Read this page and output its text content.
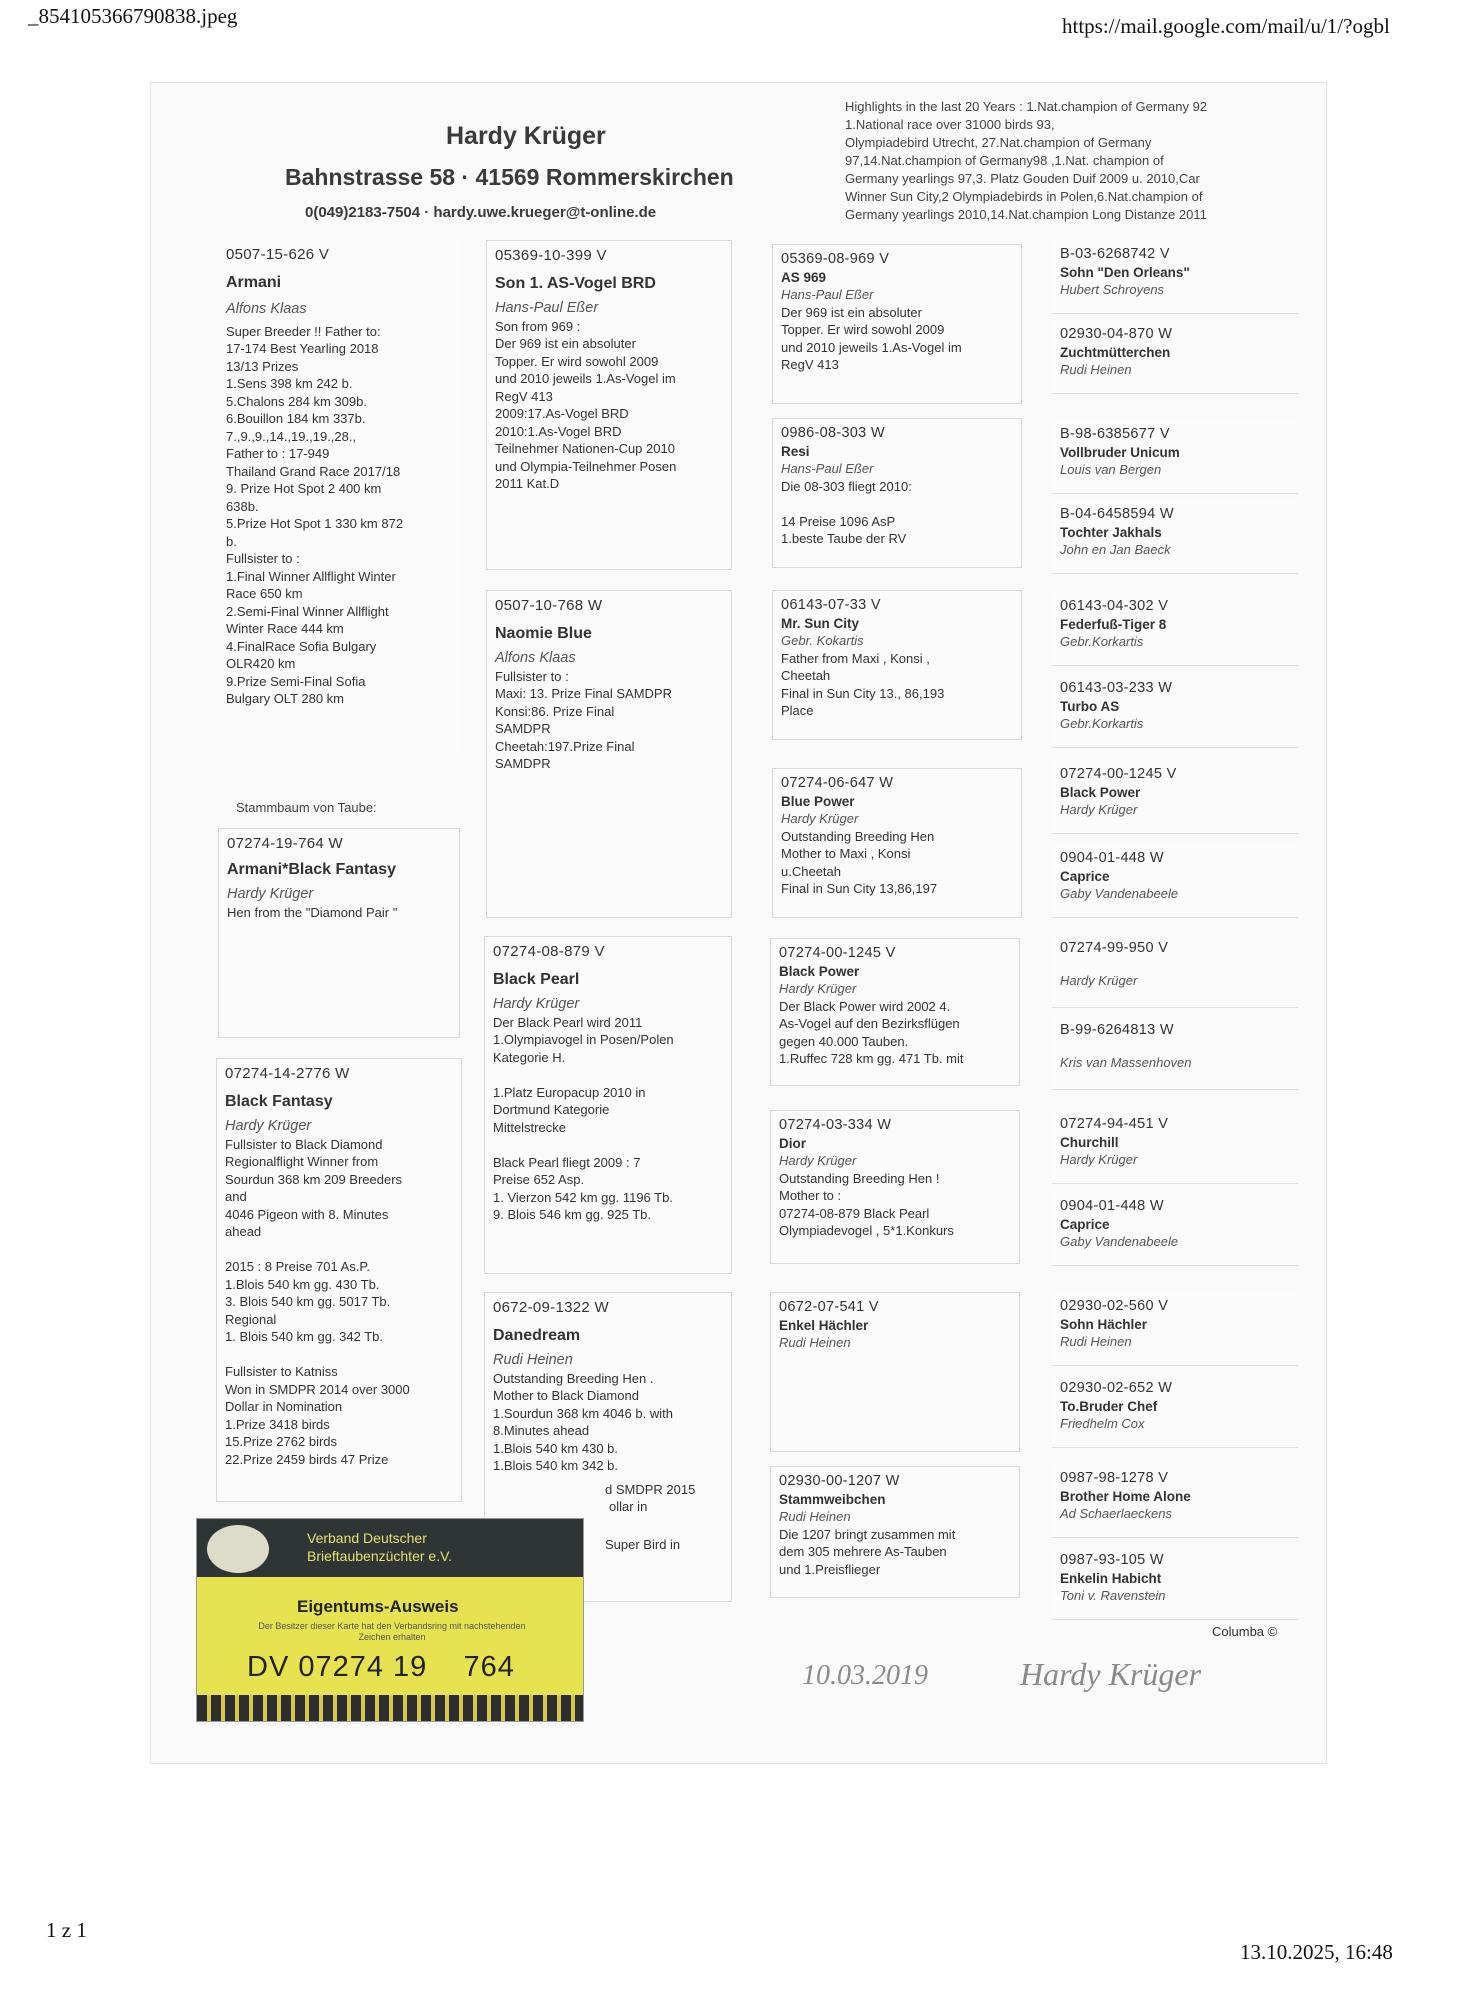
_854105366790838.jpeg	https://mail.google.com/mail/u/1/?ogbl
1 z 1
13.10.2025, 16:48
Hardy Krüger
Bahnstrasse 58 · 41569 Rommerskirchen
0(049)2183-7504 · hardy.uwe.krueger@t-online.de
Highlights in the last 20 Years : 1.Nat.champion of Germany 92
1.National race over 31000 birds 93,
Olympiadebird Utrecht, 27.Nat.champion of Germany
97,14.Nat.champion of Germany98 ,1.Nat. champion of
Germany yearlings 97,3. Platz Gouden Duif 2009 u. 2010,Car
Winner Sun City,2 Olympiadebirds in Polen,6.Nat.champion of
Germany yearlings 2010,14.Nat.champion Long Distanze 2011
0507-15-626 V
Armani
Alfons Klaas
Super Breeder !! Father to:
17-174 Best Yearling 2018
13/13 Prizes
1.Sens 398 km 242 b.
5.Chalons 284 km 309b.
6.Bouillon 184 km 337b.
7.,9.,9.,14.,19.,19.,28.,
Father to : 17-949
Thailand Grand Race 2017/18
9. Prize Hot Spot 2 400 km
638b.
5.Prize Hot Spot 1 330 km 872
b.
Fullsister to :
1.Final Winner Allflight Winter
Race 650 km
2.Semi-Final Winner Allflight
Winter Race 444 km
4.FinalRace Sofia Bulgary
OLR420 km
9.Prize Semi-Final Sofia
Bulgary OLT 280 km
Stammbaum von Taube:
07274-19-764 W
Armani*Black Fantasy
Hardy Krüger
Hen from the "Diamond Pair "
07274-14-2776 W
Black Fantasy
Hardy Krüger
Fullsister to Black Diamond
Regionalflight Winner from
Sourdun 368 km 209 Breeders
and
4046 Pigeon with 8. Minutes
ahead

2015 : 8 Preise 701 As.P.
1.Blois 540 km gg. 430 Tb.
3. Blois 540 km gg. 5017 Tb.
Regional
1. Blois 540 km gg. 342 Tb.

Fullsister to Katniss
Won in SMDPR 2014 over 3000
Dollar in Nomination
1.Prize 3418 birds
15.Prize 2762 birds
22.Prize 2459 birds 47 Prize
05369-10-399 V
Son 1. AS-Vogel BRD
Hans-Paul Eßer
Son from 969 :
Der 969 ist ein absoluter
Topper. Er wird sowohl 2009
und 2010 jeweils 1.As-Vogel im
RegV 413
2009:17.As-Vogel BRD
2010:1.As-Vogel BRD
Teilnehmer Nationen-Cup 2010
und Olympia-Teilnehmer Posen
2011 Kat.D
0507-10-768 W
Naomie Blue
Alfons Klaas
Fullsister to :
Maxi: 13. Prize Final SAMDPR
Konsi:86. Prize Final
SAMDPR
Cheetah:197.Prize Final
SAMDPR
07274-08-879 V
Black Pearl
Hardy Krüger
Der Black Pearl wird 2011
1.Olympiavogel in Posen/Polen
Kategorie H.

1.Platz Europacup 2010 in
Dortmund Kategorie
Mittelstrecke

Black Pearl fliegt 2009 : 7
Preise 652 Asp.
1. Vierzon 542 km gg. 1196 Tb.
9. Blois 546 km gg. 925 Tb.
0672-09-1322 W
Danedream
Rudi Heinen
Outstanding Breeding Hen .
Mother to Black Diamond
1.Sourdun 368 km 4046 b. with
8.Minutes ahead
1.Blois 540 km 430 b.
1.Blois 540 km 342 b.
d SMDPR 2015
ollar in
Super Bird in
05369-08-969 V
AS 969
Hans-Paul Eßer
Der 969 ist ein absoluter
Topper. Er wird sowohl 2009
und 2010 jeweils 1.As-Vogel im
RegV 413
0986-08-303 W
Resi
Hans-Paul Eßer
Die 08-303 fliegt 2010:

14 Preise 1096 AsP
1.beste Taube der RV
06143-07-33 V
Mr. Sun City
Gebr. Kokartis
Father from Maxi , Konsi ,
Cheetah
Final in Sun City 13., 86,193
Place
07274-06-647 W
Blue Power
Hardy Krüger
Outstanding Breeding Hen
Mother to Maxi , Konsi
u.Cheetah
Final in Sun City 13,86,197
07274-00-1245 V
Black Power
Hardy Krüger
Der Black Power wird 2002 4.
As-Vogel auf den Bezirksflügen
gegen 40.000 Tauben.
1.Ruffec 728 km gg. 471 Tb. mit
07274-03-334 W
Dior
Hardy Krüger
Outstanding Breeding Hen !
Mother to :
07274-08-879 Black Pearl
Olympiadevogel , 5*1.Konkurs
0672-07-541 V
Enkel Hächler
Rudi Heinen
02930-00-1207 W
Stammweibchen
Rudi Heinen
Die 1207 bringt zusammen mit
dem 305 mehrere As-Tauben
und 1.Preisflieger
B-03-6268742 V
Sohn "Den Orleans"
Hubert Schroyens
02930-04-870 W
Zuchtmütterchen
Rudi Heinen
B-98-6385677 V
Vollbruder Unicum
Louis van Bergen
B-04-6458594 W
Tochter Jakhals
John en Jan Baeck
06143-04-302 V
Federfuß-Tiger 8
Gebr.Korkartis
06143-03-233 W
Turbo AS
Gebr.Korkartis
07274-00-1245 V
Black Power
Hardy Krüger
0904-01-448 W
Caprice
Gaby Vandenabeele
07274-99-950 V
Hardy Krüger
B-99-6264813 W
Kris van Massenhoven
07274-94-451 V
Churchill
Hardy Krüger
0904-01-448 W
Caprice
Gaby Vandenabeele
02930-02-560 V
Sohn Hächler
Rudi Heinen
02930-02-652 W
To.Bruder Chef
Friedhelm Cox
0987-98-1278 V
Brother Home Alone
Ad Schaerlaeckens
0987-93-105 W
Enkelin Habicht
Toni v. Ravenstein
Columba ©
Verband Deutscher
Brieftaubenzüchter e.V.
Eigentums-Ausweis
Der Besitzer dieser Karte hat den Verbandsring mit nachstehenden Zeichen erhalten
DV 07274 19    764	10.03.2019	Hardy Krüger
